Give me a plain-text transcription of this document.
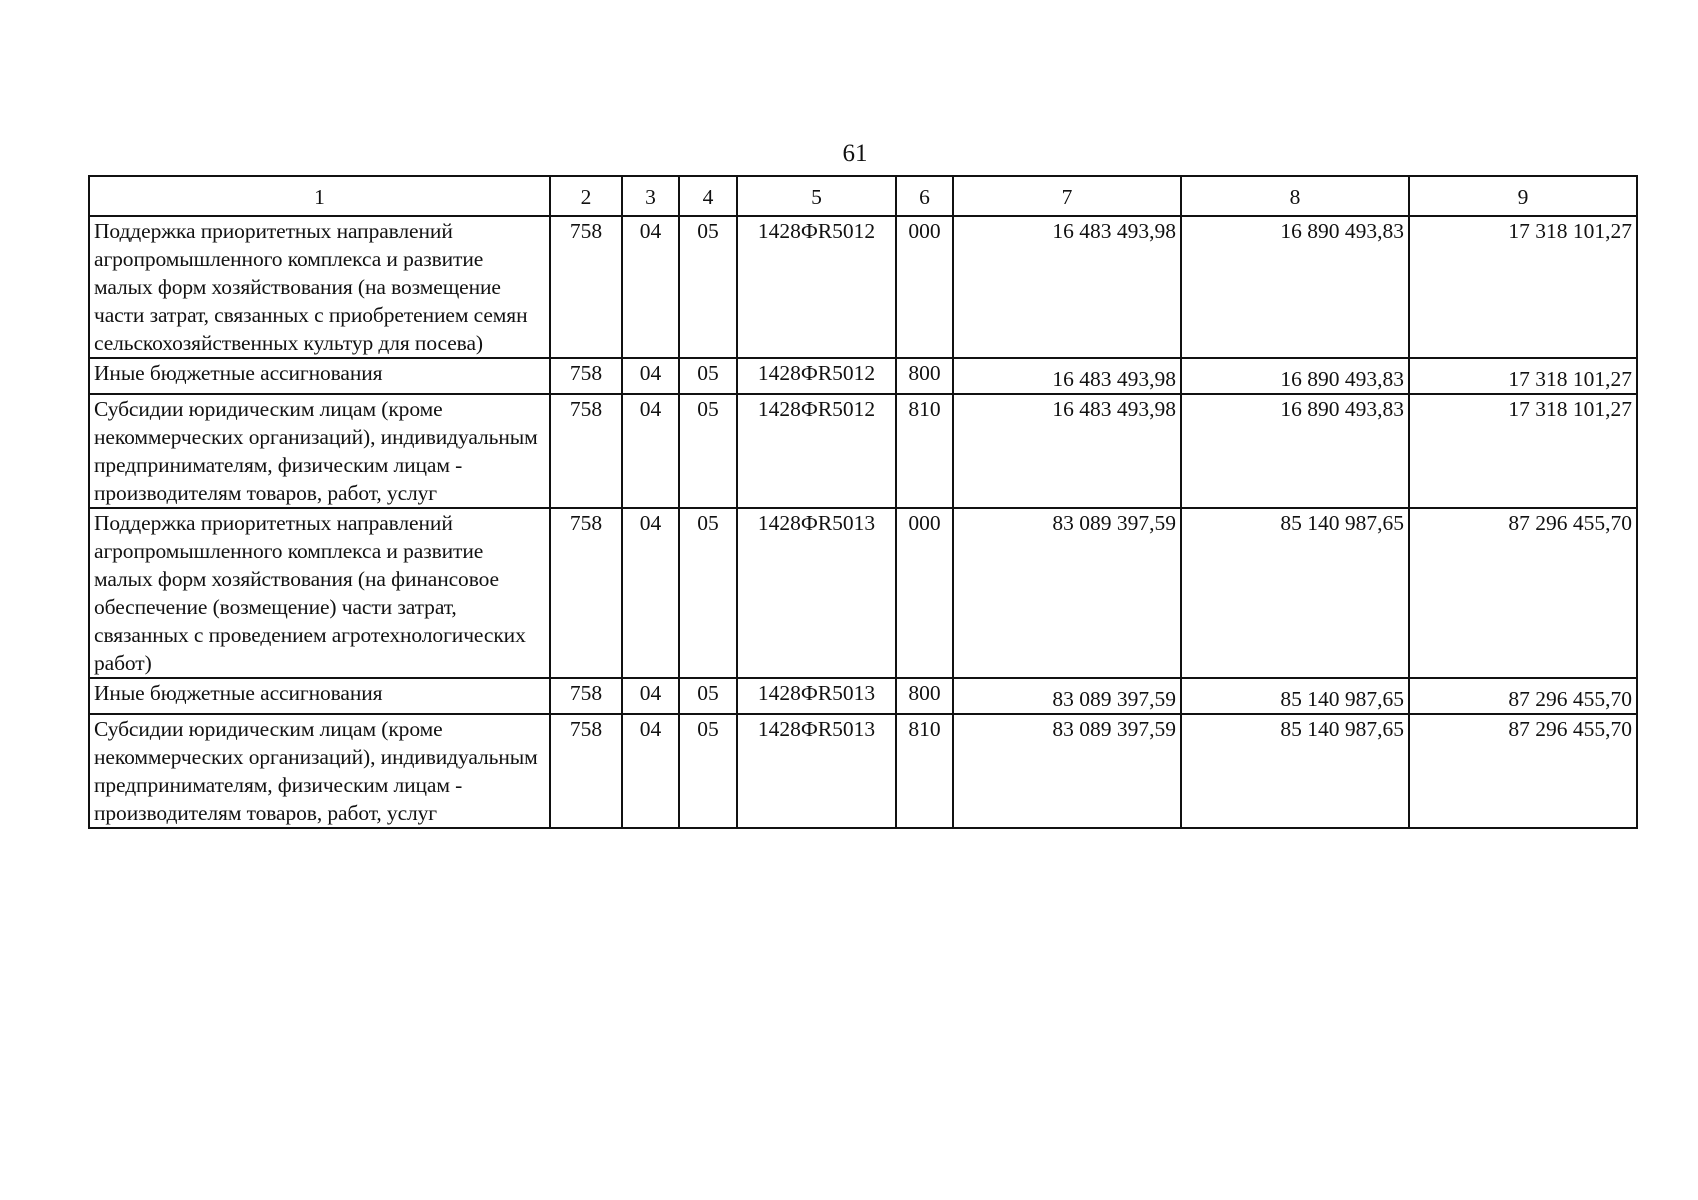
61
1	2	3	4	5	6	7	8	9
Поддержка приоритетных направлений агропромышленного комплекса и развитие малых форм хозяйствования (на возмещение части затрат, связанных с приобретением семян сельскохозяйственных культур для посева)	758	04	05	1428ФR5012	000	16 483 493,98	16 890 493,83	17 318 101,27
Иные бюджетные ассигнования	758	04	05	1428ФR5012	800	16 483 493,98	16 890 493,83	17 318 101,27
Субсидии юридическим лицам (кроме некоммерческих организаций), индивидуальным предпринимателям, физическим лицам - производителям товаров, работ, услуг	758	04	05	1428ФR5012	810	16 483 493,98	16 890 493,83	17 318 101,27
Поддержка приоритетных направлений агропромышленного комплекса и развитие малых форм хозяйствования (на финансовое обеспечение (возмещение) части затрат, связанных с проведением агротехнологических работ)	758	04	05	1428ФR5013	000	83 089 397,59	85 140 987,65	87 296 455,70
Иные бюджетные ассигнования	758	04	05	1428ФR5013	800	83 089 397,59	85 140 987,65	87 296 455,70
Субсидии юридическим лицам (кроме некоммерческих организаций), индивидуальным предпринимателям, физическим лицам - производителям товаров, работ, услуг	758	04	05	1428ФR5013	810	83 089 397,59	85 140 987,65	87 296 455,70
